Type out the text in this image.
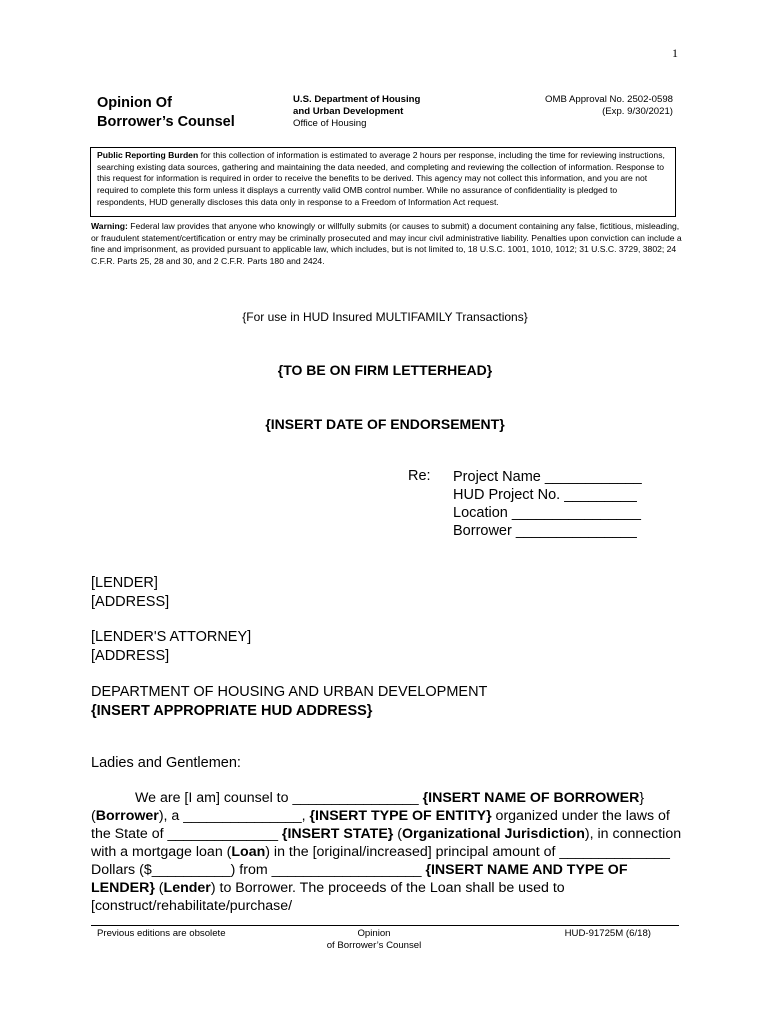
1
Opinion Of
Borrower’s Counsel
U.S. Department of Housing
and Urban Development
Office of Housing
OMB Approval No. 2502-0598
(Exp. 9/30/2021)
Public Reporting Burden for this collection of information is estimated to average 2 hours per response, including the time for reviewing instructions, searching existing data sources, gathering and maintaining the data needed, and completing and reviewing the collection of information. Response to this request for information is required in order to receive the benefits to be derived. This agency may not collect this information, and you are not required to complete this form unless it displays a currently valid OMB control number. While no assurance of confidentiality is pledged to respondents, HUD generally discloses this data only in response to a Freedom of Information Act request.
Warning: Federal law provides that anyone who knowingly or willfully submits (or causes to submit) a document containing any false, fictitious, misleading, or fraudulent statement/certification or entry may be criminally prosecuted and may incur civil administrative liability. Penalties upon conviction can include a fine and imprisonment, as provided pursuant to applicable law, which includes, but is not limited to, 18 U.S.C. 1001, 1010, 1012; 31 U.S.C. 3729, 3802; 24 C.F.R. Parts 25, 28 and 30, and 2 C.F.R. Parts 180 and 2424.
{For use in HUD Insured MULTIFAMILY Transactions}
{TO BE ON FIRM LETTERHEAD}
{INSERT DATE OF ENDORSEMENT}
Re: Project Name ____________
HUD Project No. _________
Location ________________
Borrower _______________
[LENDER]
[ADDRESS]
[LENDER'S ATTORNEY]
[ADDRESS]
DEPARTMENT OF HOUSING AND URBAN DEVELOPMENT
{INSERT APPROPRIATE HUD ADDRESS}
Ladies and Gentlemen:
We are [I am] counsel to ________________ {INSERT NAME OF BORROWER} (Borrower), a _______________, {INSERT TYPE OF ENTITY} organized under the laws of the State of ______________ {INSERT STATE} (Organizational Jurisdiction), in connection with a mortgage loan (Loan) in the [original/increased] principal amount of ______________ Dollars ($__________) from ___________________ {INSERT NAME AND TYPE OF LENDER} (Lender) to Borrower. The proceeds of the Loan shall be used to [construct/rehabilitate/purchase/
Previous editions are obsolete	Opinion
of Borrower’s Counsel
HUD-91725M (6/18)
